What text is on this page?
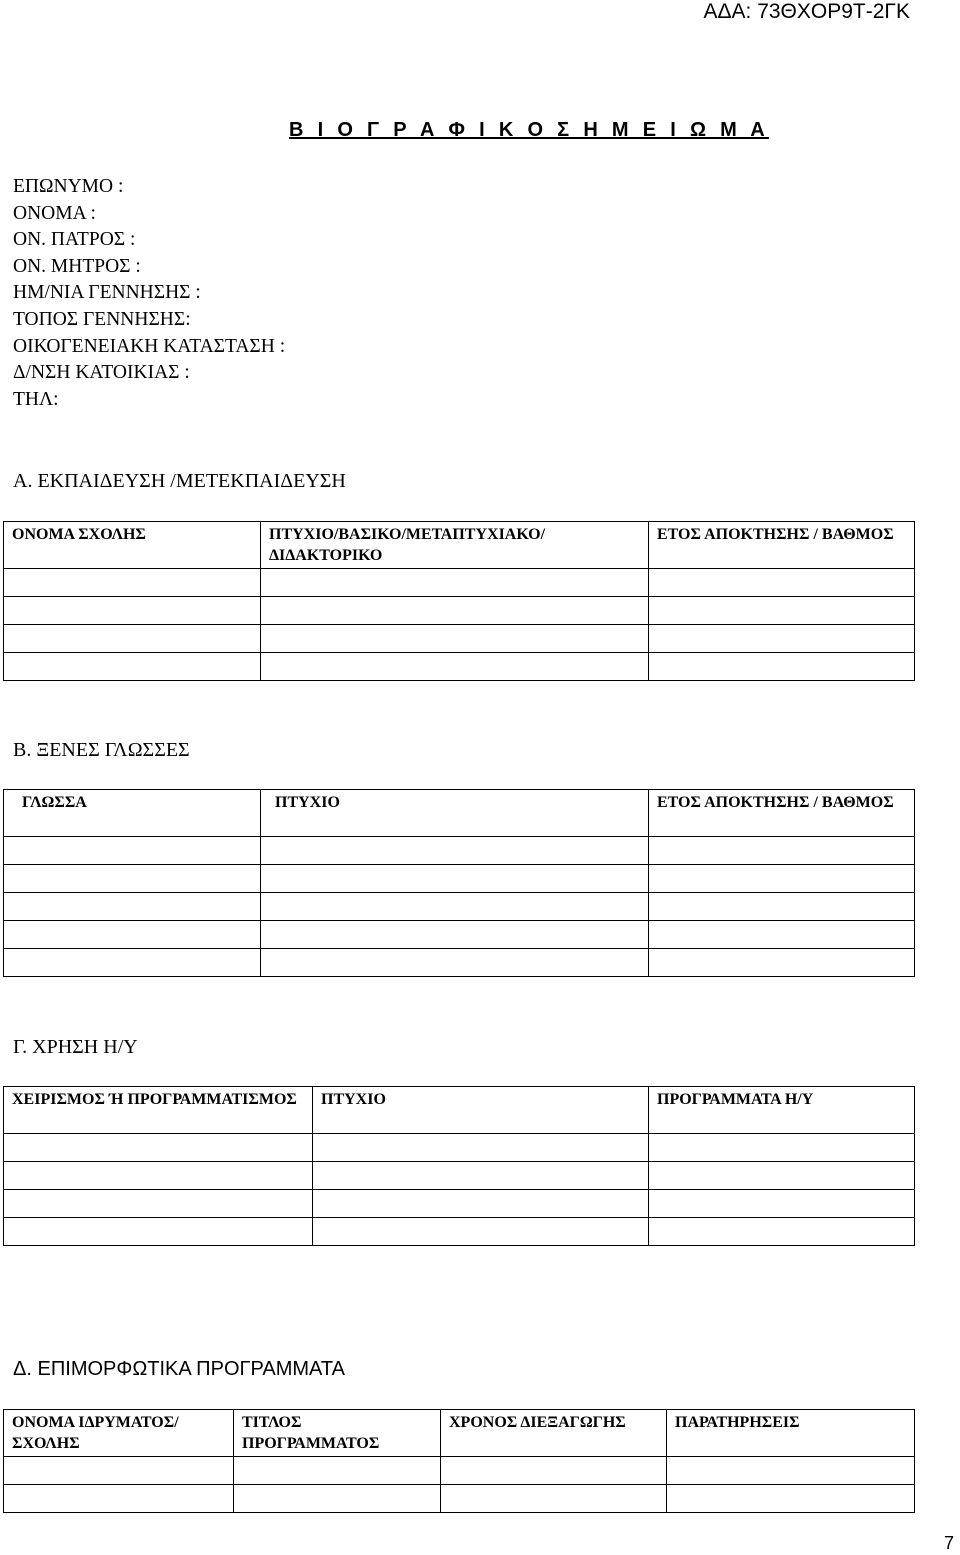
ΑΔΑ: 73ΘΧΟΡ9Τ-2ΓΚ
Β Ι Ο Γ Ρ Α Φ Ι Κ Ο Σ Η Μ Ε Ι Ω Μ Α
ΕΠΩΝΥΜΟ :
ΟΝΟΜΑ :
ΟΝ. ΠΑΤΡΟΣ :
ΟΝ. ΜΗΤΡΟΣ :
ΗΜ/ΝΙΑ ΓΕΝΝΗΣΗΣ :
ΤΟΠΟΣ ΓΕΝΝΗΣΗΣ:
ΟΙΚΟΓΕΝΕΙΑΚΗ ΚΑΤΑΣΤΑΣΗ :
Δ/ΝΣΗ ΚΑΤΟΙΚΙΑΣ :
ΤΗΛ:
Α. ΕΚΠΑΙΔΕΥΣΗ /ΜΕΤΕΚΠΑΙΔΕΥΣΗ
ΟΝΟΜΑ ΣΧΟΛΗΣ	ΠΤΥΧΙΟ/ΒΑΣΙΚΟ/ΜΕΤΑΠΤΥΧΙΑΚΟ/ ΔΙΔΑΚΤΟΡΙΚΟ	ΕΤΟΣ ΑΠΟΚΤΗΣΗΣ / ΒΑΘΜΟΣ

Β. ΞΕΝΕΣ ΓΛΩΣΣΕΣ
ΓΛΩΣΣΑ	ΠΤΥΧΙΟ	ΕΤΟΣ ΑΠΟΚΤΗΣΗΣ / ΒΑΘΜΟΣ

Γ. ΧΡΗΣΗ Η/Υ
ΧΕΙΡΙΣΜΟΣ Ή ΠΡΟΓΡΑΜΜΑΤΙΣΜΟΣ	ΠΤΥΧΙΟ	ΠΡΟΓΡΑΜΜΑΤΑ Η/Υ

Δ. ΕΠΙΜΟΡΦΩΤΙΚΑ ΠΡΟΓΡΑΜΜΑΤΑ
ΟΝΟΜΑ ΙΔΡΥΜΑΤΟΣ/ΣΧΟΛΗΣ	ΤΙΤΛΟΣ ΠΡΟΓΡΑΜΜΑΤΟΣ	ΧΡΟΝΟΣ ΔΙΕΞΑΓΩΓΗΣ	ΠΑΡΑΤΗΡΗΣΕΙΣ

7
